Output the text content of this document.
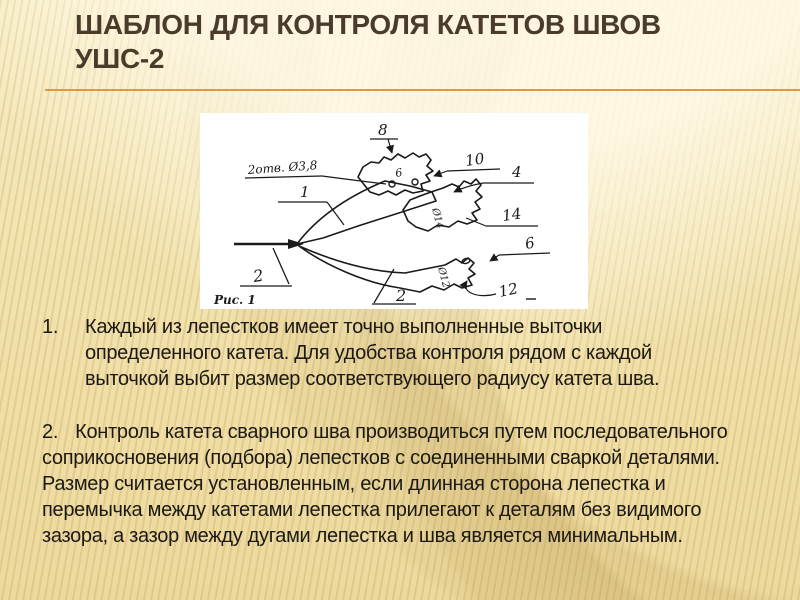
ШАБЛОН ДЛЯ КОНТРОЛЯ КАТЕТОВ ШВОВ УШС-2
6
Ø14
Ø12
2отв. Ø3,8
8
10
4
14
6
12
1
2
2
Рис. 1

1.	Каждый из лепестков имеет точно выполненные выточки определенного катета. Для удобства контроля рядом с каждой выточкой выбит размер соответствующего радиусу катета шва.

2. Контроль катета сварного шва производиться путем последовательного соприкосновения (подбора) лепестков с соединенными сваркой деталями. Размер считается установленным, если длинная сторона лепестка и перемычка между катетами лепестка прилегают к деталям без видимого зазора, а зазор между дугами лепестка и шва является минимальным.
